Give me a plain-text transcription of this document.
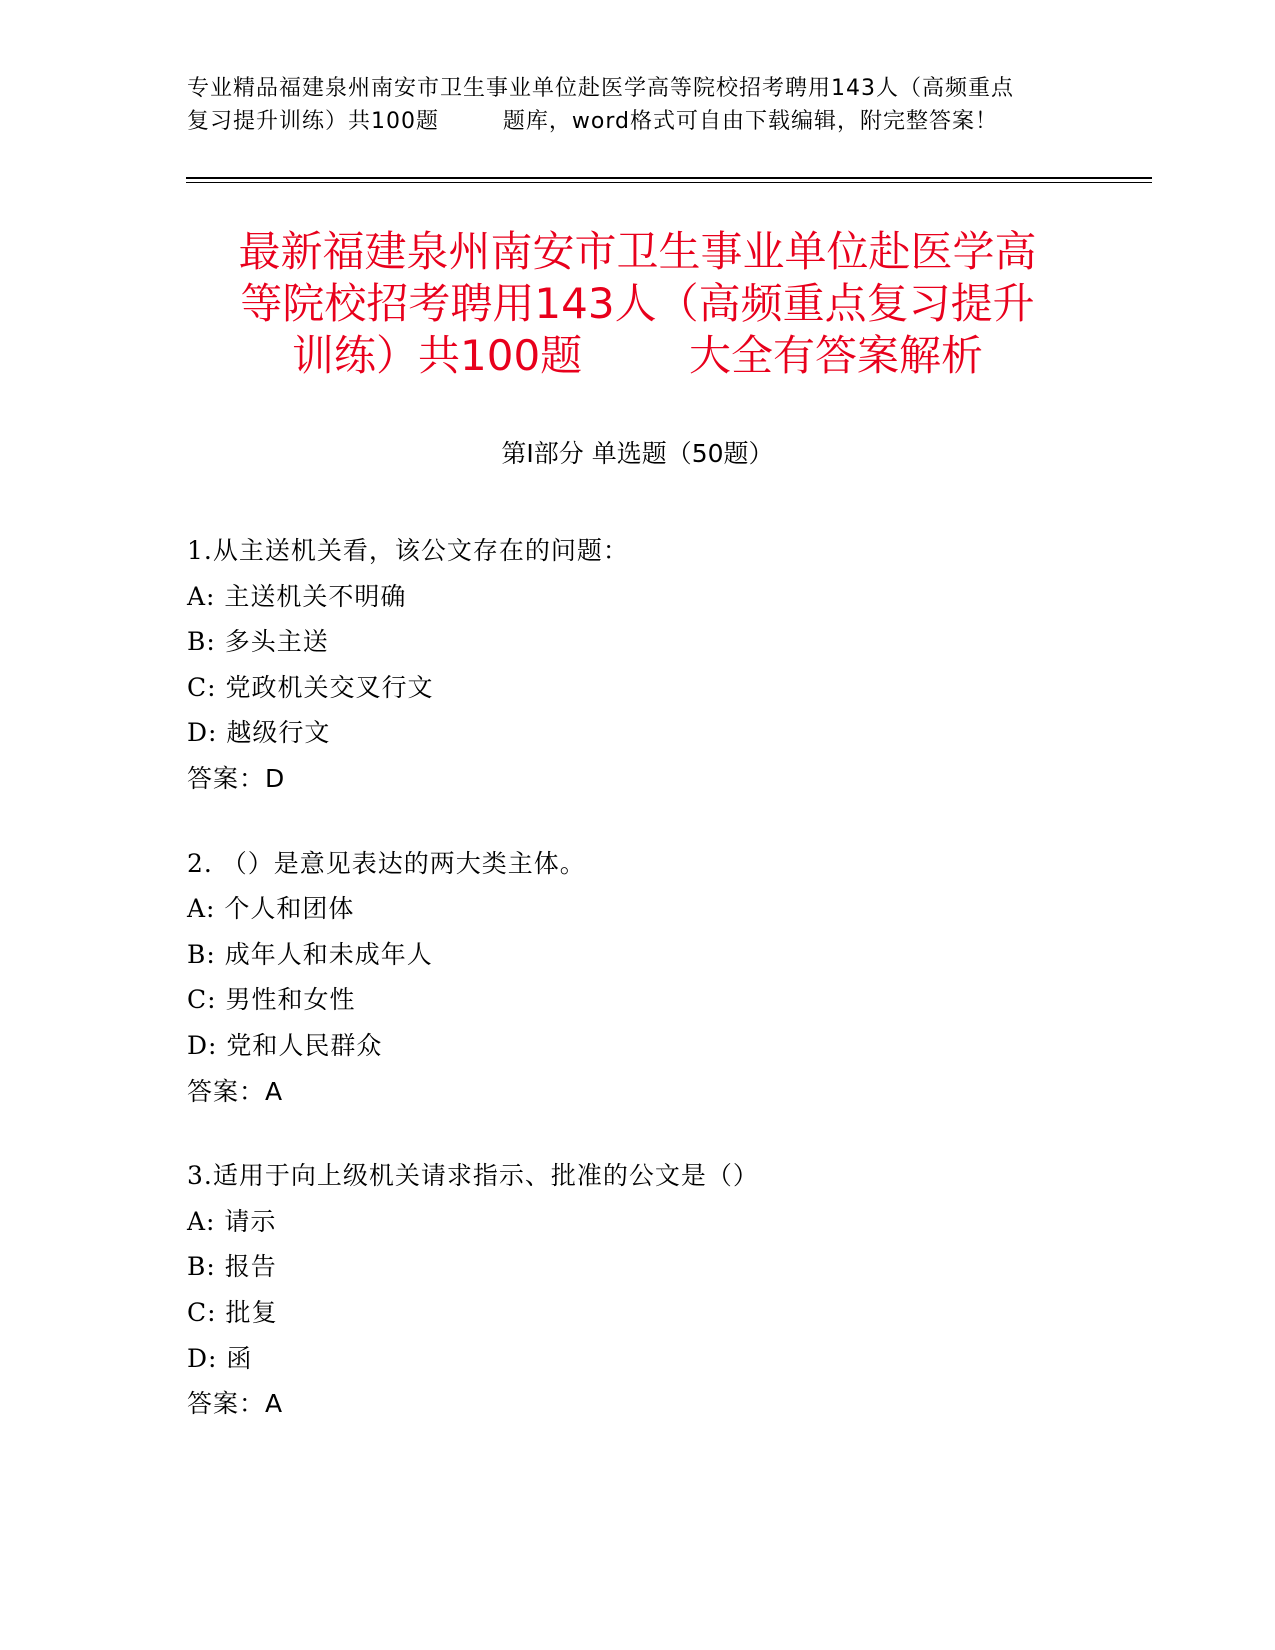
专业精品福建泉州南安市卫生事业单位赴医学高等院校招考聘用143人（高频重点
复习提升训练）共100题        题库，word格式可自由下载编辑，附完整答案！
最新福建泉州南安市卫生事业单位赴医学高
等院校招考聘用143人（高频重点复习提升
训练）共100题        大全有答案解析
第Ⅰ部分 单选题（50题）
1.从主送机关看，该公文存在的问题：
A: 主送机关不明确
B: 多头主送
C: 党政机关交叉行文
D: 越级行文
答案：D
2. （）是意见表达的两大类主体。
A: 个人和团体
B: 成年人和未成年人
C: 男性和女性
D: 党和人民群众
答案：A
3.适用于向上级机关请求指示、批准的公文是（）
A: 请示
B: 报告
C: 批复
D: 函
答案：A
